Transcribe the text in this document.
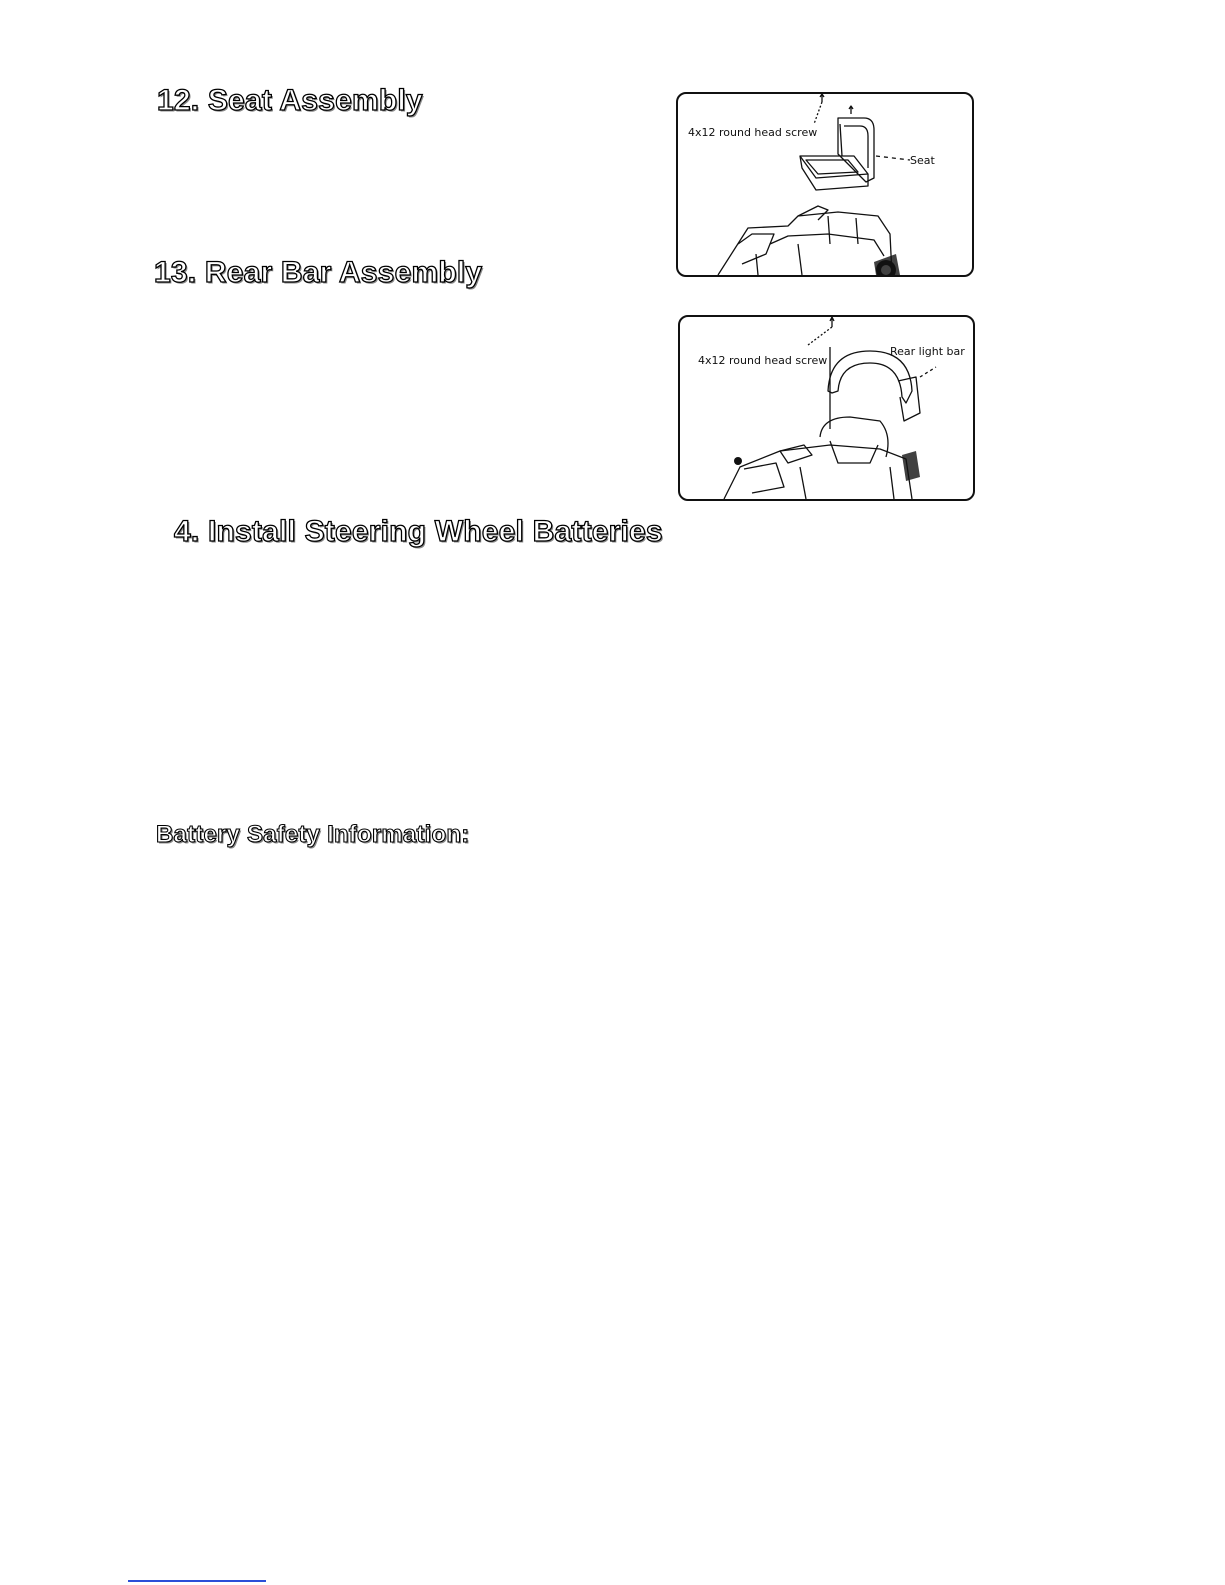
12. Seat Assembly
4x12 round head screw
Seat
13. Rear Bar Assembly
4x12 round head screw
Rear light bar
4. Install Steering Wheel Batteries
Battery Safety Information:
